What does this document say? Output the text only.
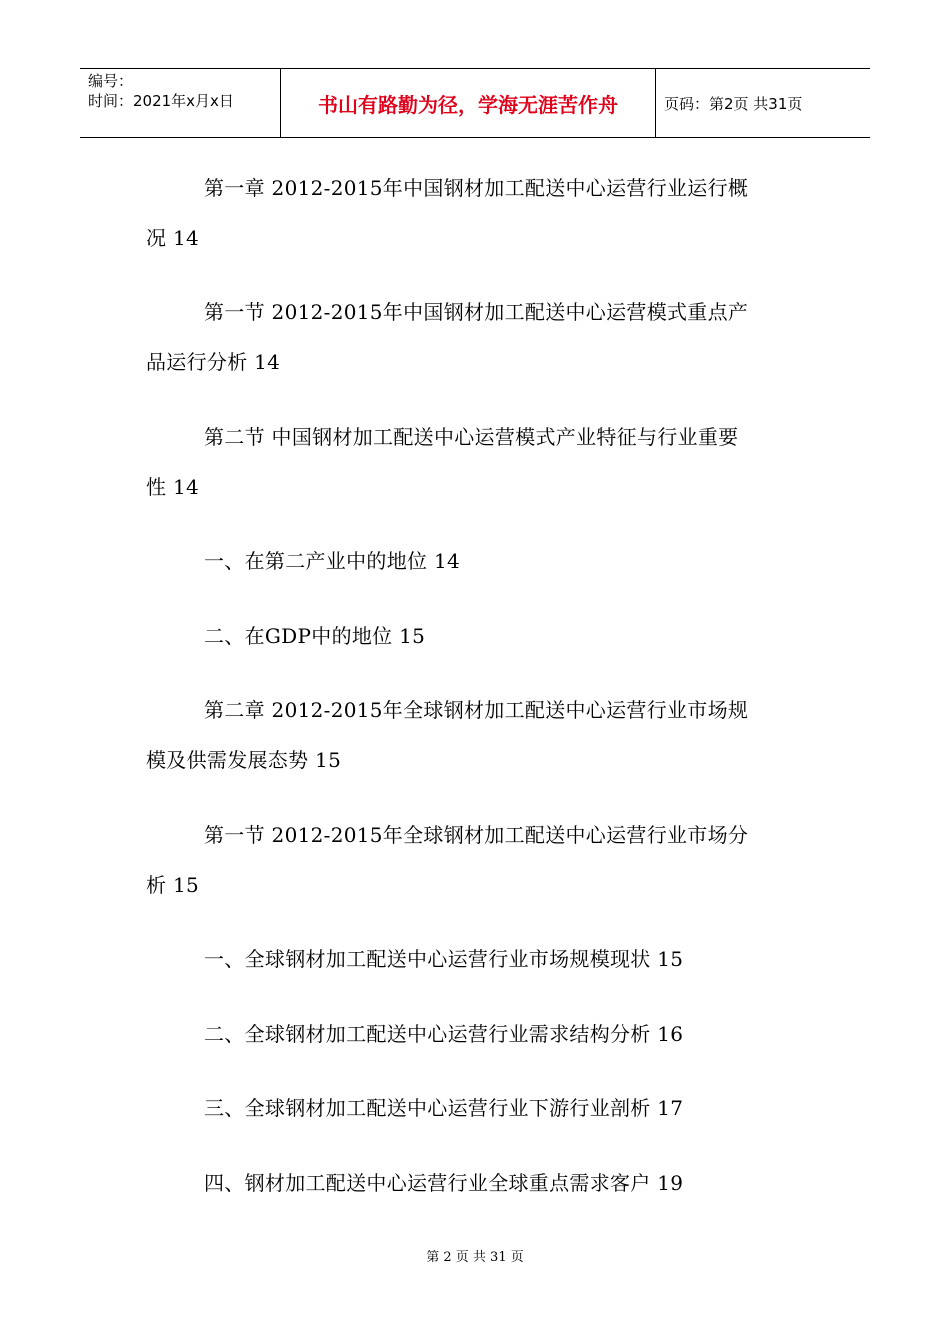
编号：
时间：2021年x月x日	书山有路勤为径，学海无涯苦作舟	页码：第2页 共31页
第一章 2012-2015年中国钢材加工配送中心运营行业运行概
况 14
第一节 2012-2015年中国钢材加工配送中心运营模式重点产
品运行分析 14
第二节 中国钢材加工配送中心运营模式产业特征与行业重要
性 14
一、在第二产业中的地位 14
二、在GDP中的地位 15
第二章 2012-2015年全球钢材加工配送中心运营行业市场规
模及供需发展态势 15
第一节 2012-2015年全球钢材加工配送中心运营行业市场分
析 15
一、全球钢材加工配送中心运营行业市场规模现状 15
二、全球钢材加工配送中心运营行业需求结构分析 16
三、全球钢材加工配送中心运营行业下游行业剖析 17
四、钢材加工配送中心运营行业全球重点需求客户 19
第 2 页 共 31 页
